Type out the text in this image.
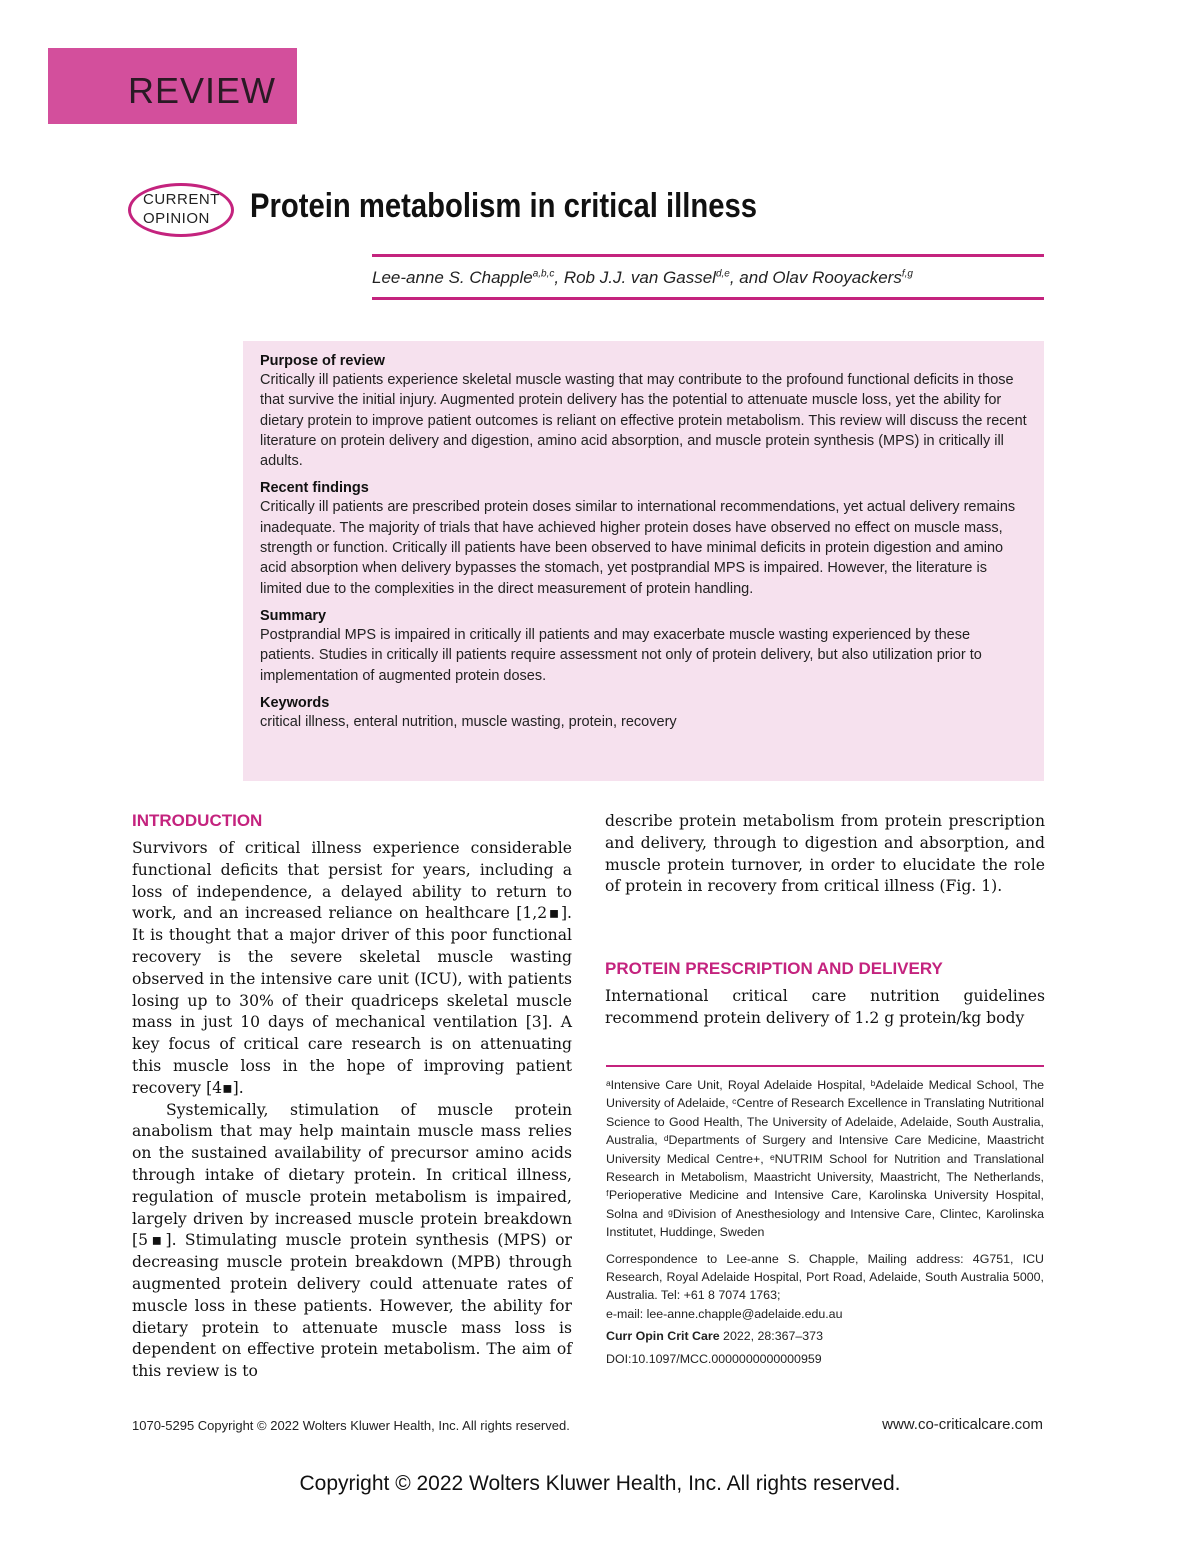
REVIEW
CURRENT
OPINION Protein metabolism in critical illness
Lee-anne S. Chapple$^{a,b,c}$, Rob J.J. van Gassel$^{d,e}$, and Olav Rooyackers$^{f,g}$
Purpose of review

Critically ill patients experience skeletal muscle wasting that may contribute to the profound functional deficits in those that survive the initial injury. Augmented protein delivery has the potential to attenuate muscle loss, yet the ability for dietary protein to improve patient outcomes is reliant on effective protein metabolism. This review will discuss the recent literature on protein delivery and digestion, amino acid absorption, and muscle protein synthesis (MPS) in critically ill adults.

Recent findings

Critically ill patients are prescribed protein doses similar to international recommendations, yet actual delivery remains inadequate. The majority of trials that have achieved higher protein doses have observed no effect on muscle mass, strength or function. Critically ill patients have been observed to have minimal deficits in protein digestion and amino acid absorption when delivery bypasses the stomach, yet postprandial MPS is impaired. However, the literature is limited due to the complexities in the direct measurement of protein handling.

Summary

Postprandial MPS is impaired in critically ill patients and may exacerbate muscle wasting experienced by these patients. Studies in critically ill patients require assessment not only of protein delivery, but also utilization prior to implementation of augmented protein doses.

Keywords

critical illness, enteral nutrition, muscle wasting, protein, recovery

INTRODUCTION

Survivors of critical illness experience considerable functional deficits that persist for years, including a loss of independence, a delayed ability to return to work, and an increased reliance on healthcare [1,2▪]. It is thought that a major driver of this poor functional recovery is the severe skeletal muscle wasting observed in the intensive care unit (ICU), with patients losing up to 30% of their quadriceps skeletal muscle mass in just 10 days of mechanical ventilation [3]. A key focus of critical care research is on attenuating this muscle loss in the hope of improving patient recovery [4▪].

Systemically, stimulation of muscle protein anabolism that may help maintain muscle mass relies on the sustained availability of precursor amino acids through intake of dietary protein. In critical illness, regulation of muscle protein metabolism is impaired, largely driven by increased muscle protein breakdown [5▪]. Stimulating muscle protein synthesis (MPS) or decreasing muscle protein breakdown (MPB) through augmented protein delivery could attenuate rates of muscle loss in these patients. However, the ability for dietary protein to attenuate muscle mass loss is dependent on effective protein metabolism. The aim of this review is to

describe protein metabolism from protein prescription and delivery, through to digestion and absorption, and muscle protein turnover, in order to elucidate the role of protein in recovery from critical illness (Fig. 1).

PROTEIN PRESCRIPTION AND DELIVERY

International critical care nutrition guidelines recommend protein delivery of 1.2 g protein/kg body

ᵃIntensive Care Unit, Royal Adelaide Hospital, ᵇAdelaide Medical School, The University of Adelaide, ᶜCentre of Research Excellence in Translating Nutritional Science to Good Health, The University of Adelaide, Adelaide, South Australia, Australia, ᵈDepartments of Surgery and Intensive Care Medicine, Maastricht University Medical Centre+, ᵉNUTRIM School for Nutrition and Translational Research in Metabolism, Maastricht University, Maastricht, The Netherlands, ᶠPerioperative Medicine and Intensive Care, Karolinska University Hospital, Solna and ᵍDivision of Anesthesiology and Intensive Care, Clintec, Karolinska Institutet, Huddinge, Sweden

Correspondence to Lee-anne S. Chapple, Mailing address: 4G751, ICU Research, Royal Adelaide Hospital, Port Road, Adelaide, South Australia 5000, Australia. Tel: +61 8 7074 1763;

e-mail: lee-anne.chapple@adelaide.edu.au

Curr Opin Crit Care 2022, 28:367–373

DOI:10.1097/MCC.0000000000000959

1070-5295 Copyright © 2022 Wolters Kluwer Health, Inc. All rights reserved.	www.co-criticalcare.com
Copyright © 2022 Wolters Kluwer Health, Inc. All rights reserved.
